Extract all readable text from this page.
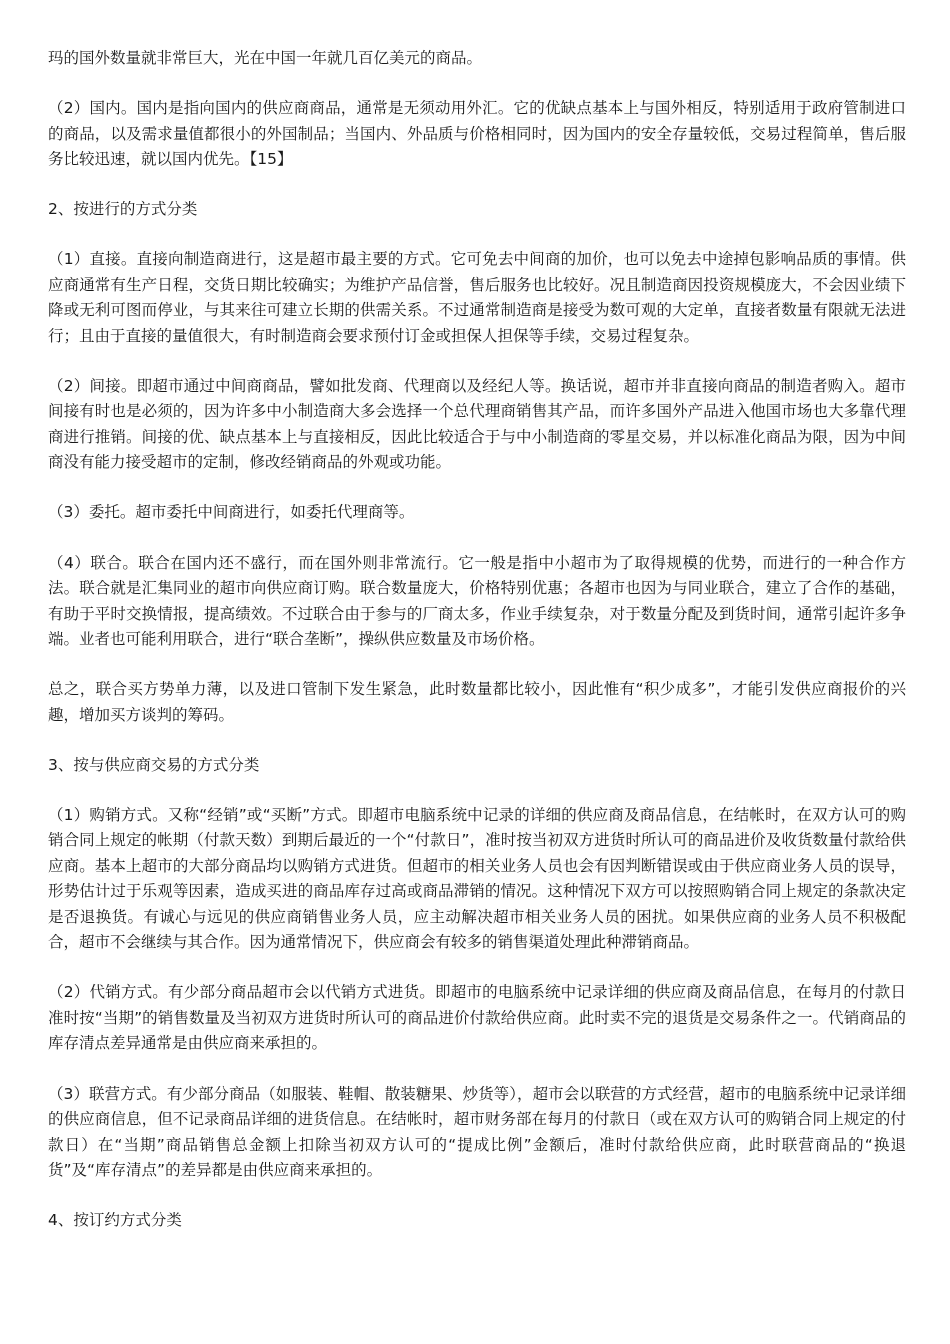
玛的国外数量就非常巨大，光在中国一年就几百亿美元的商品。

（2）国内。国内是指向国内的供应商商品，通常是无须动用外汇。它的优缺点基本上与国外相反，特别适用于政府管制进口的商品，以及需求量值都很小的外国制品；当国内、外品质与价格相同时，因为国内的安全存量较低，交易过程简单，售后服务比较迅速，就以国内优先。【15】

2、按进行的方式分类

（1）直接。直接向制造商进行，这是超市最主要的方式。它可免去中间商的加价，也可以免去中途掉包影响品质的事情。供应商通常有生产日程，交货日期比较确实；为维护产品信誉，售后服务也比较好。况且制造商因投资规模庞大，不会因业绩下降或无利可图而停业，与其来往可建立长期的供需关系。不过通常制造商是接受为数可观的大定单，直接者数量有限就无法进行；且由于直接的量值很大，有时制造商会要求预付订金或担保人担保等手续，交易过程复杂。

（2）间接。即超市通过中间商商品，譬如批发商、代理商以及经纪人等。换话说，超市并非直接向商品的制造者购入。超市间接有时也是必须的，因为许多中小制造商大多会选择一个总代理商销售其产品，而许多国外产品进入他国市场也大多靠代理商进行推销。间接的优、缺点基本上与直接相反，因此比较适合于与中小制造商的零星交易，并以标准化商品为限，因为中间商没有能力接受超市的定制，修改经销商品的外观或功能。

（3）委托。超市委托中间商进行，如委托代理商等。

（4）联合。联合在国内还不盛行，而在国外则非常流行。它一般是指中小超市为了取得规模的优势，而进行的一种合作方法。联合就是汇集同业的超市向供应商订购。联合数量庞大，价格特别优惠；各超市也因为与同业联合，建立了合作的基础，有助于平时交换情报，提高绩效。不过联合由于参与的厂商太多，作业手续复杂，对于数量分配及到货时间，通常引起许多争端。业者也可能利用联合，进行“联合垄断”，操纵供应数量及市场价格。

总之，联合买方势单力薄，以及进口管制下发生紧急，此时数量都比较小，因此惟有“积少成多”，才能引发供应商报价的兴趣，增加买方谈判的筹码。

3、按与供应商交易的方式分类

（1）购销方式。又称“经销”或“买断”方式。即超市电脑系统中记录的详细的供应商及商品信息，在结帐时，在双方认可的购销合同上规定的帐期（付款天数）到期后最近的一个“付款日”，准时按当初双方进货时所认可的商品进价及收货数量付款给供应商。基本上超市的大部分商品均以购销方式进货。但超市的相关业务人员也会有因判断错误或由于供应商业务人员的误导，形势估计过于乐观等因素，造成买进的商品库存过高或商品滞销的情况。这种情况下双方可以按照购销合同上规定的条款决定是否退换货。有诚心与远见的供应商销售业务人员，应主动解决超市相关业务人员的困扰。如果供应商的业务人员不积极配合，超市不会继续与其合作。因为通常情况下，供应商会有较多的销售渠道处理此种滞销商品。

（2）代销方式。有少部分商品超市会以代销方式进货。即超市的电脑系统中记录详细的供应商及商品信息，在每月的付款日准时按“当期”的销售数量及当初双方进货时所认可的商品进价付款给供应商。此时卖不完的退货是交易条件之一。代销商品的库存清点差异通常是由供应商来承担的。

（3）联营方式。有少部分商品（如服装、鞋帽、散装糖果、炒货等），超市会以联营的方式经营，超市的电脑系统中记录详细的供应商信息，但不记录商品详细的进货信息。在结帐时，超市财务部在每月的付款日（或在双方认可的购销合同上规定的付款日）在“当期”商品销售总金额上扣除当初双方认可的“提成比例”金额后，准时付款给供应商，此时联营商品的“换退货”及“库存清点”的差异都是由供应商来承担的。

4、按订约方式分类
